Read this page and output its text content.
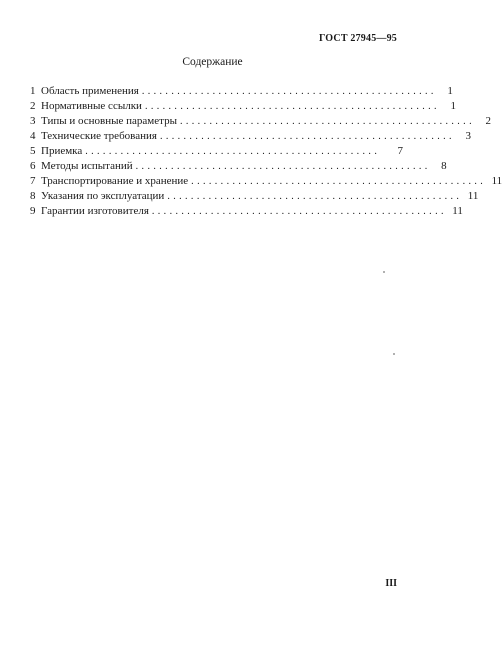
ГОСТ 27945—95
Содержание
1 Область применения .................................................. 1
2 Нормативные ссылки .................................................. 1
3 Типы и основные параметры .................................................. 2
4 Технические требования .................................................. 3
5 Приемка ..................................................	7
6 Методы испытаний .................................................. 8
7 Транспортирование и хранение .................................................. 11
8 Указания по эксплуатации .................................................. 11
9 Гарантии изготовителя .................................................. 11
III
